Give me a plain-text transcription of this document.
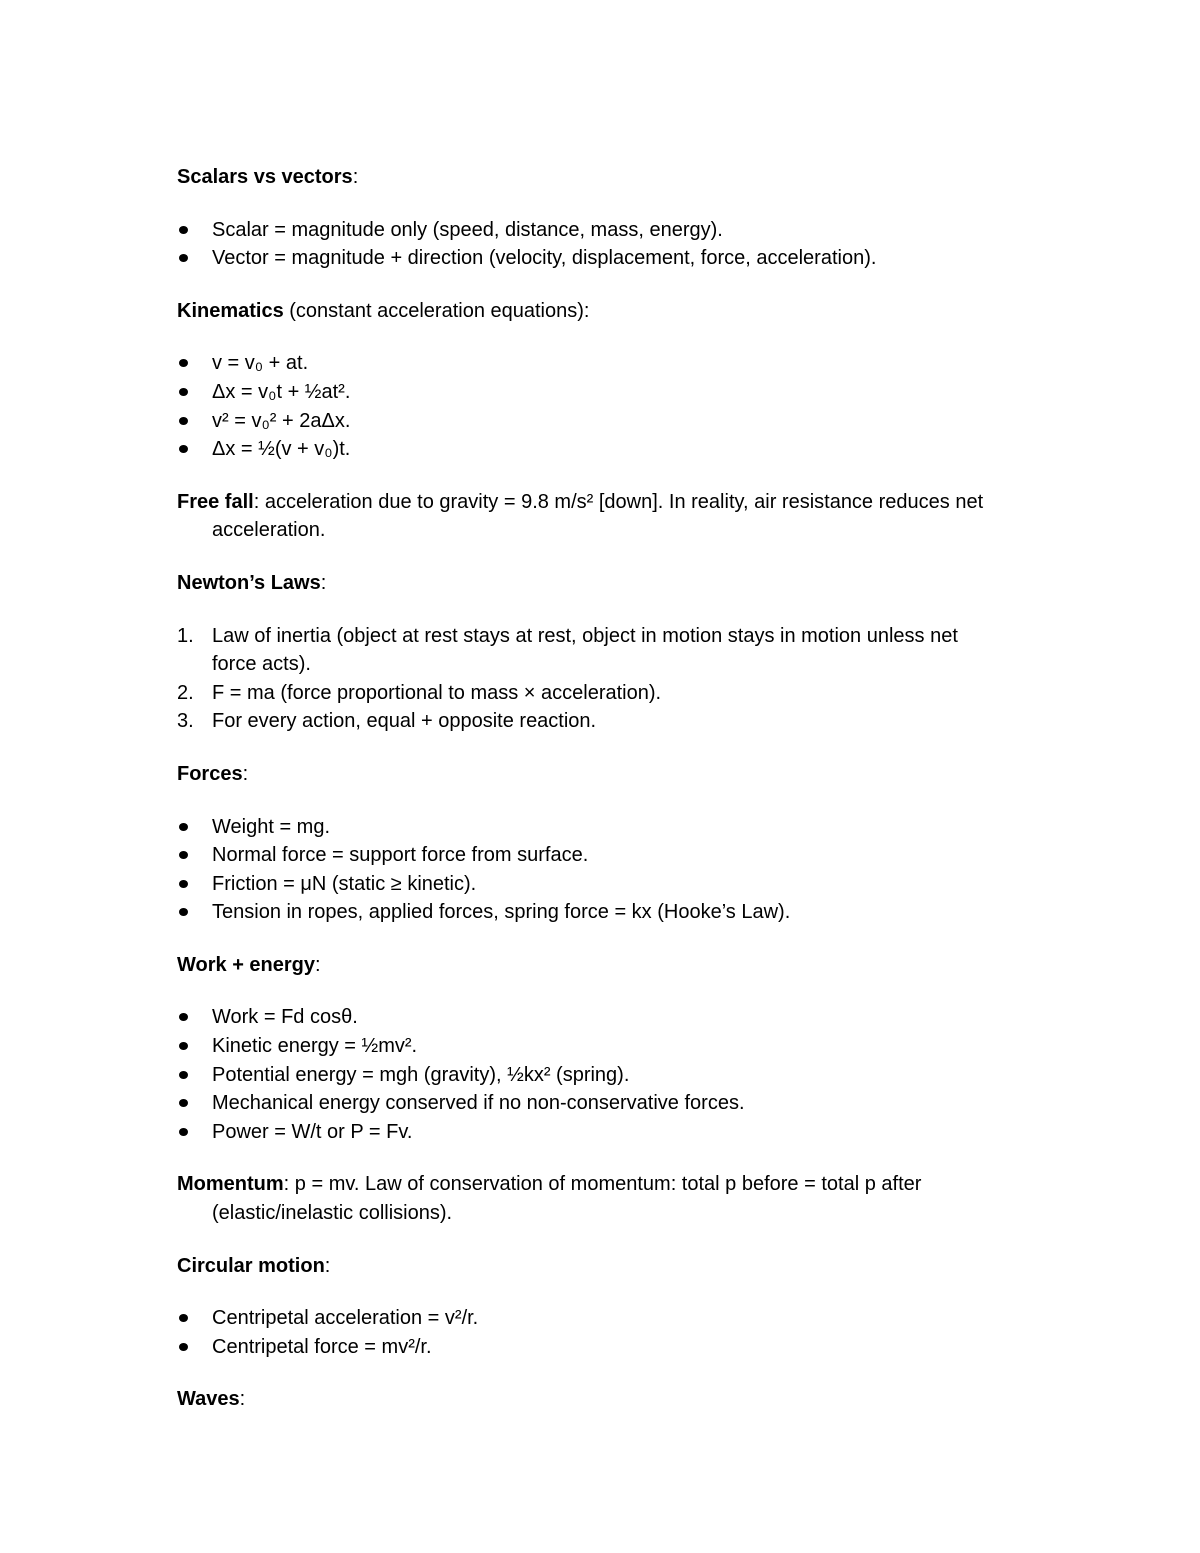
Scalars vs vectors:
Scalar = magnitude only (speed, distance, mass, energy).
Vector = magnitude + direction (velocity, displacement, force, acceleration).
Kinematics (constant acceleration equations):
v = v₀ + at.
Δx = v₀t + ½at².
v² = v₀² + 2aΔx.
Δx = ½(v + v₀)t.
Free fall: acceleration due to gravity = 9.8 m/s² [down]. In reality, air resistance reduces net
acceleration.
Newton’s Laws:
1. Law of inertia (object at rest stays at rest, object in motion stays in motion unless net
force acts).
2. F = ma (force proportional to mass × acceleration).
3. For every action, equal + opposite reaction.
Forces:
Weight = mg.
Normal force = support force from surface.
Friction = μN (static ≥ kinetic).
Tension in ropes, applied forces, spring force = kx (Hooke’s Law).
Work + energy:
Work = Fd cosθ.
Kinetic energy = ½mv².
Potential energy = mgh (gravity), ½kx² (spring).
Mechanical energy conserved if no non-conservative forces.
Power = W/t or P = Fv.
Momentum: p = mv. Law of conservation of momentum: total p before = total p after
(elastic/inelastic collisions).
Circular motion:
Centripetal acceleration = v²/r.
Centripetal force = mv²/r.
Waves:
